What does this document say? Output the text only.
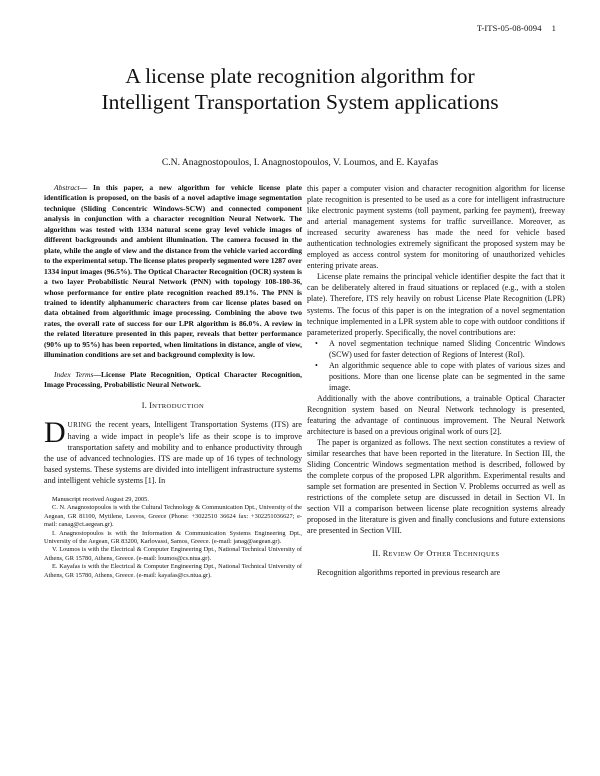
T-ITS-05-08-0094 1
A license plate recognition algorithm for
Intelligent Transportation System applications
C.N. Anagnostopoulos, I. Anagnostopoulos, V. Loumos, and E. Kayafas

Abstract— In this paper, a new algorithm for vehicle license plate identification is proposed, on the basis of a novel adaptive image segmentation technique (Sliding Concentric Windows-SCW) and connected component analysis in conjunction with a character recognition Neural Network. The algorithm was tested with 1334 natural scene gray level vehicle images of different backgrounds and ambient illumination. The camera focused in the plate, while the angle of view and the distance from the vehicle varied according to the experimental setup. The license plates properly segmented were 1287 over 1334 input images (96.5%). The Optical Character Recognition (OCR) system is a two layer Probabilistic Neural Network (PNN) with topology 108-180-36, whose performance for entire plate recognition reached 89.1%. The PNN is trained to identify alphanumeric characters from car license plates based on data obtained from algorithmic image processing. Combining the above two rates, the overall rate of success for our LPR algorithm is 86.0%. A review in the related literature presented in this paper, reveals that better performance (90% up to 95%) has been reported, when limitations in distance, angle of view, illumination conditions are set and background complexity is low.

Index Terms—License Plate Recognition, Optical Character Recognition, Image Processing, Probabilistic Neural Network.

I. INTRODUCTION

DURING the recent years, Intelligent Transportation Systems (ITS) are having a wide impact in people’s life as their scope is to improve transportation safety and mobility and to enhance productivity through the use of advanced technologies. ITS are made up of 16 types of technology based systems. These systems are divided into intelligent infrastructure systems and intelligent vehicle systems [1]. In

Manuscript received August 29, 2005.

C. N. Anagnostopoulos is with the Cultural Technology & Communication Dpt., University of the Aegean, GR 81100, Mytilene, Lesvos, Greece (Phone: +3022510 36624 fax: +302251036627; e-mail: canag@ct.aegean.gr).

I. Anagnostopoulos is with the Information & Communication Systems Engineering Dpt., University of the Aegean, GR 83200, Karlovassi, Samos, Greece. (e-mail: janag@aegean.gr).

V. Loumos is with the Electrical & Computer Engineering Dpt., National Technical University of Athens, GR 15780, Athens, Greece. (e-mail: loumos@cs.ntua.gr).

E. Kayafas is with the Electrical & Computer Engineering Dpt., National Technical University of Athens, GR 15780, Athens, Greece. (e-mail: kayafas@cs.ntua.gr).

this paper a computer vision and character recognition algorithm for license plate recognition is presented to be used as a core for intelligent infrastructure like electronic payment systems (toll payment, parking fee payment), freeway and arterial management systems for traffic surveillance. Moreover, as increased security awareness has made the need for vehicle based authentication technologies extremely significant the proposed system may be employed as access control system for monitoring of unauthorized vehicles entering private areas.

License plate remains the principal vehicle identifier despite the fact that it can be deliberately altered in fraud situations or replaced (e.g., with a stolen plate). Therefore, ITS rely heavily on robust License Plate Recognition (LPR) systems. The focus of this paper is on the integration of a novel segmentation technique implemented in a LPR system able to cope with outdoor conditions if parameterized properly. Specifically, the novel contributions are:

• A novel segmentation technique named Sliding Concentric Windows (SCW) used for faster detection of Regions of Interest (RoI).
• An algorithmic sequence able to cope with plates of various sizes and positions. More than one license plate can be segmented in the same image.

Additionally with the above contributions, a trainable Optical Character Recognition system based on Neural Network technology is presented, featuring the advantage of continuous improvement. The Neural Network architecture is based on a previous original work of ours [2].

The paper is organized as follows. The next section constitutes a review of similar researches that have been reported in the literature. In Section III, the Sliding Concentric Windows segmentation method is described, followed by the complete corpus of the proposed LPR algorithm. Experimental results and sample set formation are presented in Section V. Problems occurred as well as restrictions of the complete setup are discussed in detail in Section VI. In section VII a comparison between license plate recognition systems already proposed in the literature is given and finally conclusions and future extensions are presented in Section VIII.

II. REVIEW OF OTHER TECHNIQUES

Recognition algorithms reported in previous research are
